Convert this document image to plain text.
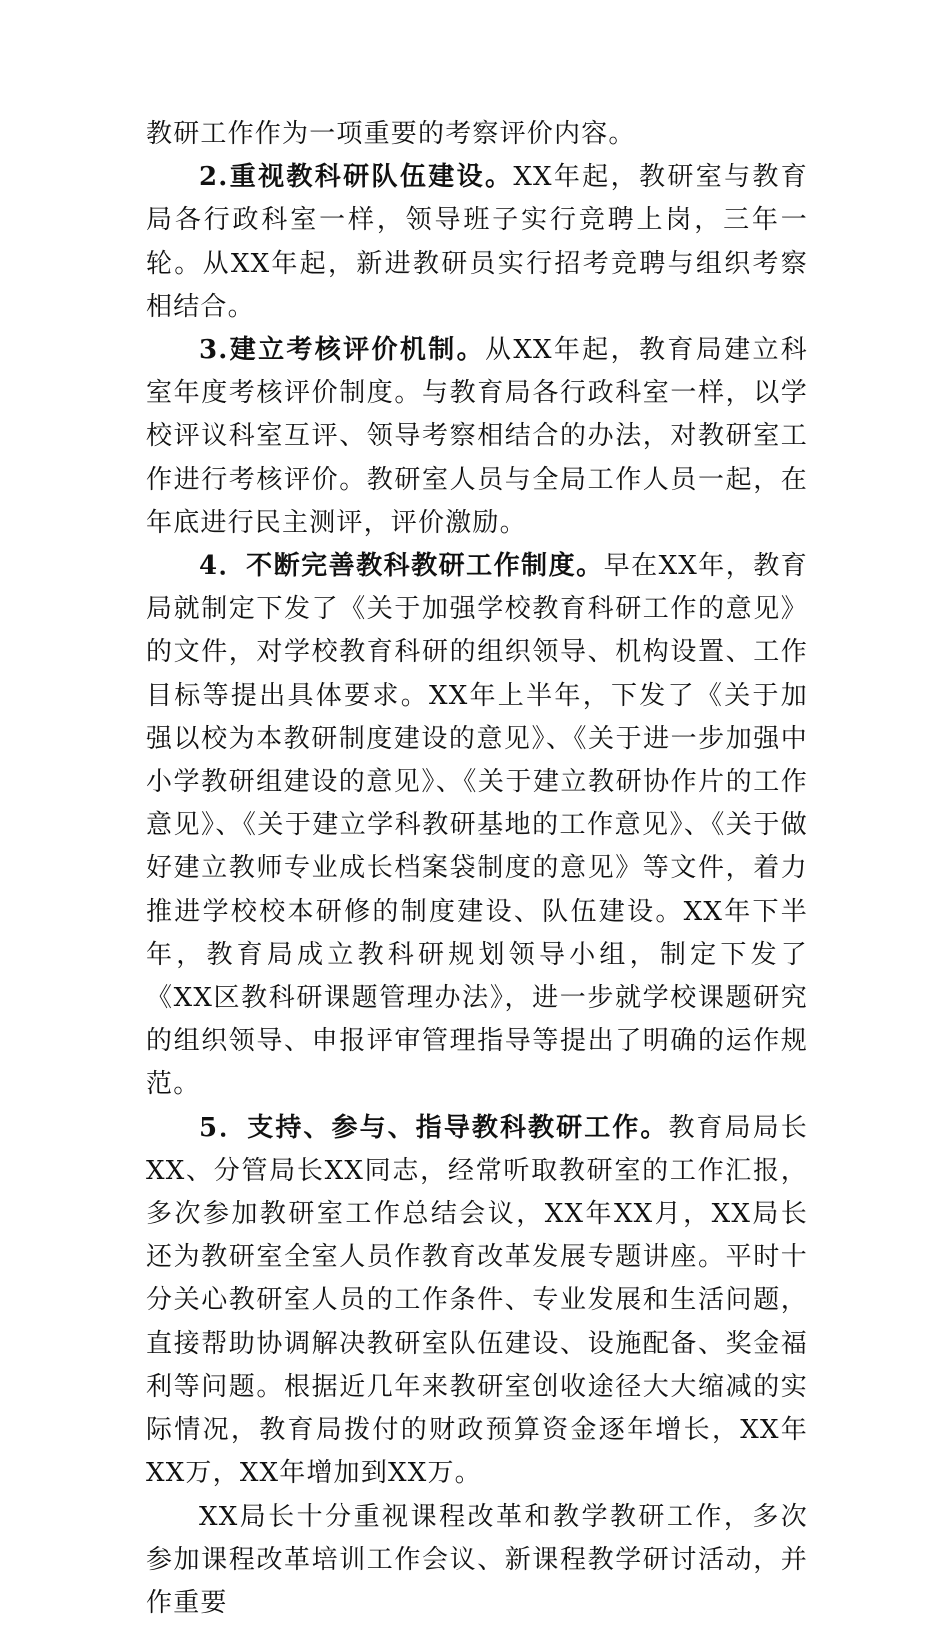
教研工作作为一项重要的考察评价内容。

2.重视教科研队伍建设。XX年起，教研室与教育局各行政科室一样，领导班子实行竞聘上岗，三年一轮。从XX年起，新进教研员实行招考竞聘与组织考察相结合。

3.建立考核评价机制。从XX年起，教育局建立科室年度考核评价制度。与教育局各行政科室一样，以学校评议科室互评、领导考察相结合的办法，对教研室工作进行考核评价。教研室人员与全局工作人员一起，在年底进行民主测评，评价激励。

4．不断完善教科教研工作制度。早在XX年，教育局就制定下发了《关于加强学校教育科研工作的意见》的文件，对学校教育科研的组织领导、机构设置、工作目标等提出具体要求。XX年上半年，下发了《关于加强以校为本教研制度建设的意见》、《关于进一步加强中小学教研组建设的意见》、《关于建立教研协作片的工作意见》、《关于建立学科教研基地的工作意见》、《关于做好建立教师专业成长档案袋制度的意见》等文件，着力推进学校校本研修的制度建设、队伍建设。XX年下半年，教育局成立教科研规划领导小组，制定下发了《XX区教科研课题管理办法》，进一步就学校课题研究的组织领导、申报评审管理指导等提出了明确的运作规范。

5．支持、参与、指导教科教研工作。教育局局长XX、分管局长XX同志，经常听取教研室的工作汇报，多次参加教研室工作总结会议，XX年XX月，XX局长还为教研室全室人员作教育改革发展专题讲座。平时十分关心教研室人员的工作条件、专业发展和生活问题，直接帮助协调解决教研室队伍建设、设施配备、奖金福利等问题。根据近几年来教研室创收途径大大缩减的实际情况，教育局拨付的财政预算资金逐年增长，XX年XX万，XX年增加到XX万。

XX局长十分重视课程改革和教学教研工作，多次参加课程改革培训工作会议、新课程教学研讨活动，并作重要
